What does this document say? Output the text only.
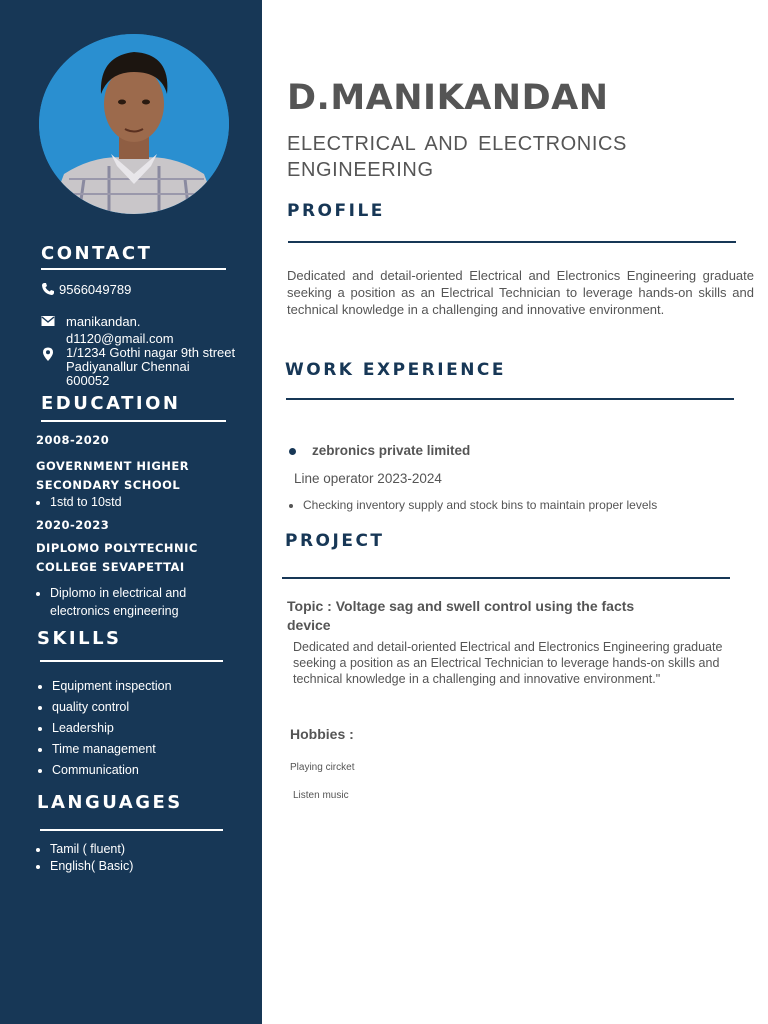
CONTACT
9566049789
manikandan.
d1120@gmail.com
1/1234 Gothi nagar 9th street
Padiyanallur Chennai
600052
EDUCATION
2008-2020
GOVERNMENT HIGHER
SECONDARY SCHOOL
• 1std to 10std
2020-2023
DIPLOMO POLYTECHNIC
COLLEGE SEVAPETTAI
• Diplomo in electrical and
electronics engineering
SKILLS
• Equipment inspection
• quality control
• Leadership
• Time management
• Communication
LANGUAGES
• Tamil ( fluent)
• English( Basic)
D.MANIKANDAN
ELECTRICAL AND ELECTRONICS ENGINEERING
PROFILE
Dedicated and detail-oriented Electrical and Electronics Engineering graduate seeking a position as an Electrical Technician to leverage hands-on skills and technical knowledge in a challenging and innovative environment.
WORK EXPERIENCE
zebronics private limited
Line operator 2023-2024
• Checking inventory supply and stock bins to maintain proper levels
PROJECT
Topic : Voltage sag and swell control using the facts
device
Dedicated and detail-oriented Electrical and Electronics Engineering graduate seeking a position as an Electrical Technician to leverage hands-on skills and technical knowledge in a challenging and innovative environment."
Hobbies :
Playing circket
Listen music
